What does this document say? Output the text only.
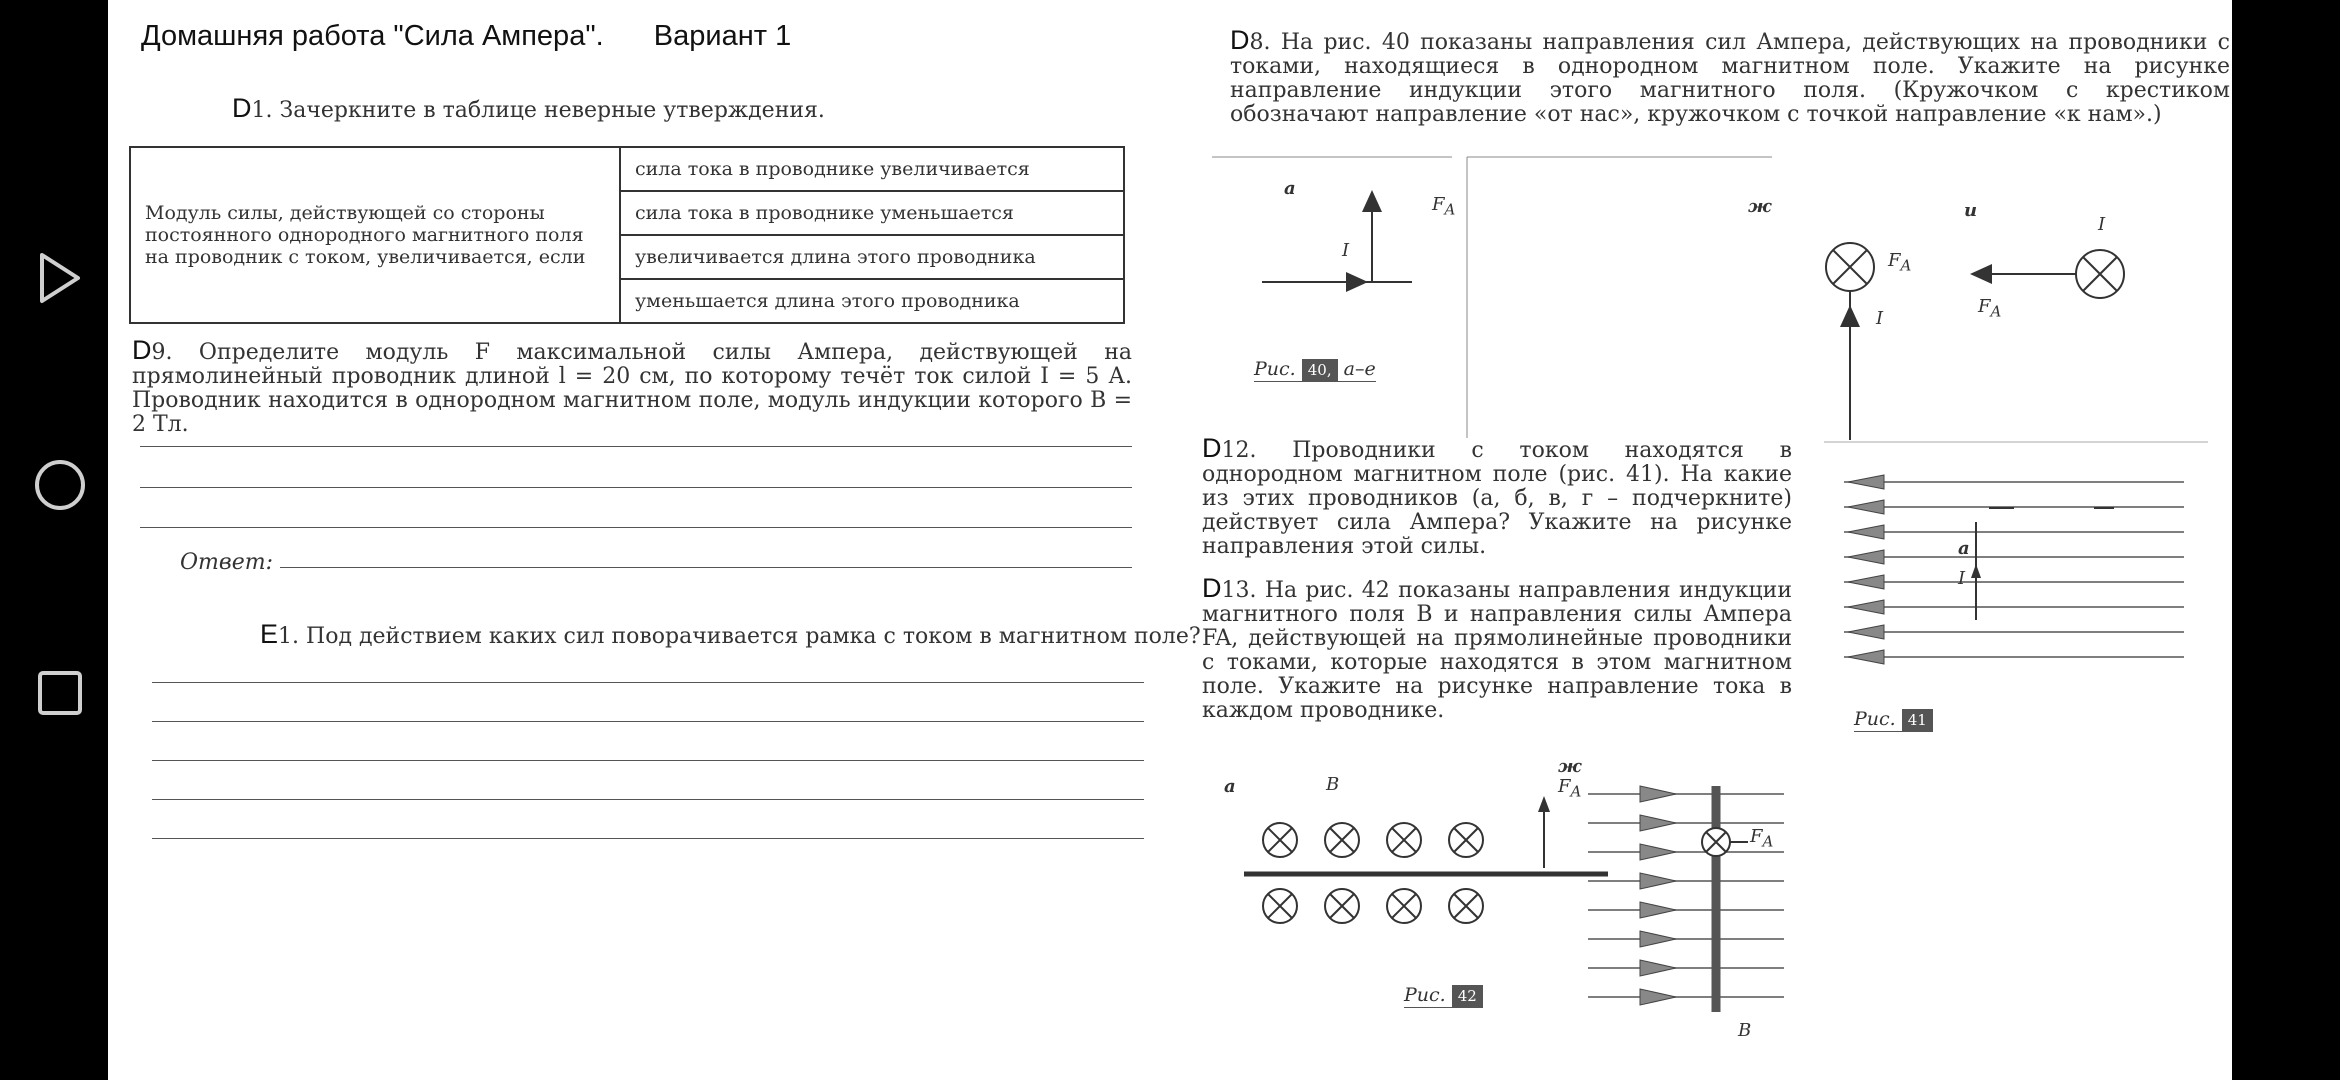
Домашняя работа "Сила Ампера". Вариант 1
D1. Зачеркните в таблице неверные утверждения.
Модуль силы, действующей со стороны постоянного однородного магнитного поля на проводник с током, увеличивается, если	сила тока в проводнике увеличивается
сила тока в проводнике уменьшается
увеличивается длина этого проводника
уменьшается длина этого проводника
D9. Определите модуль F максимальной силы Ампера, действующей на прямолинейный проводник длиной l = 20 см, по которому течёт ток силой I = 5 А. Проводник находится в однородном магнитном поле, модуль индукции которого B = 2 Тл.
Ответ:
E1. Под действием каких сил поворачивается рамка с током в магнитном поле?
D8. На рис. 40 показаны направления сил Ампера, действующих на проводники с токами, находящиеся в однородном магнитном поле. Укажите на рисунке направление индукции этого магнитного поля. (Кружочком с крестиком обозначают направление «от нас», кружочком с точкой направление «к нам».)
а
$F_A$
I
ж
$F_A$
I
и
I
$F_A$
Рис. 40, а–е
D12. Проводники с током находятся в однородном магнитном поле (рис. 41). На какие из этих проводников (а, б, в, г – подчеркните) действует сила Ампера? Укажите на рисунке направления этой силы.	а
I
Рис. 41
D13. На рис. 42 показаны направления индукции магнитного поля B и направления силы Ампера FA, действующей на прямолинейные проводники с токами, которые находятся в этом магнитном поле. Укажите на рисунке направление тока в каждом проводнике.
а	B	$F_A$
Рис. 42
ж
$F_A$
B
